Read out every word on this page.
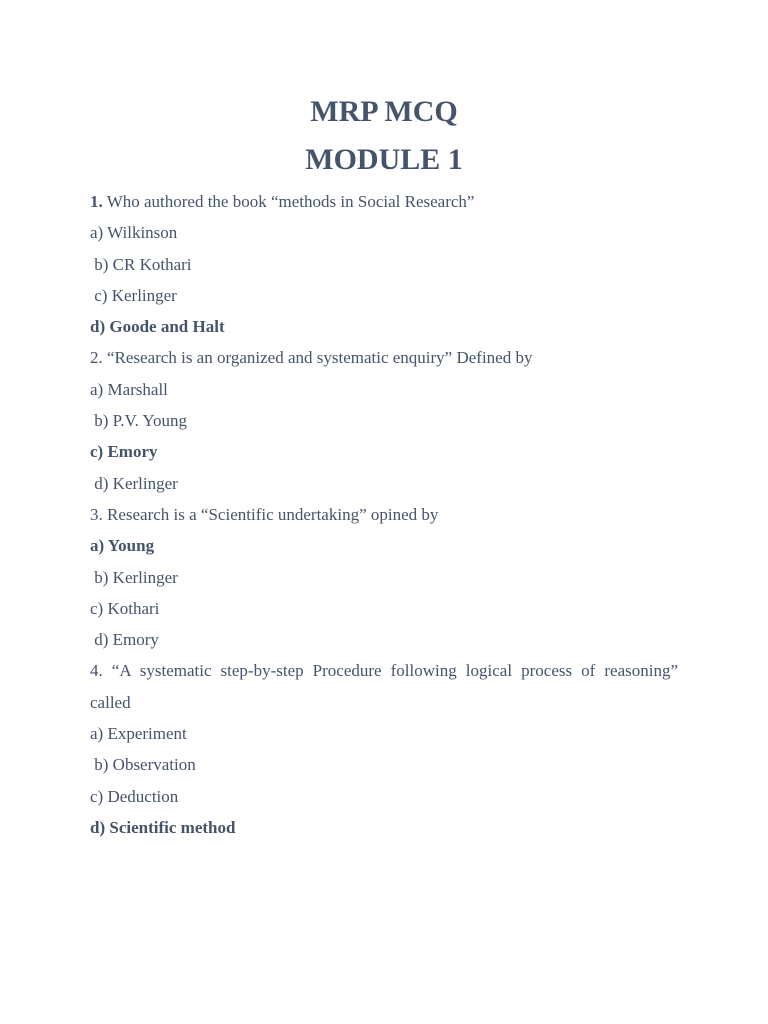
MRP MCQ
MODULE 1

1. Who authored the book “methods in Social Research”

a) Wilkinson

b) CR Kothari

c) Kerlinger

d) Goode and Halt

2. “Research is an organized and systematic enquiry” Defined by

a) Marshall

b) P.V. Young

c) Emory

d) Kerlinger

3. Research is a “Scientific undertaking” opined by

a) Young

b) Kerlinger

c) Kothari

d) Emory

4. “A systematic step-by-step Procedure following logical process of reasoning” called

a) Experiment

b) Observation

c) Deduction

d) Scientific method
